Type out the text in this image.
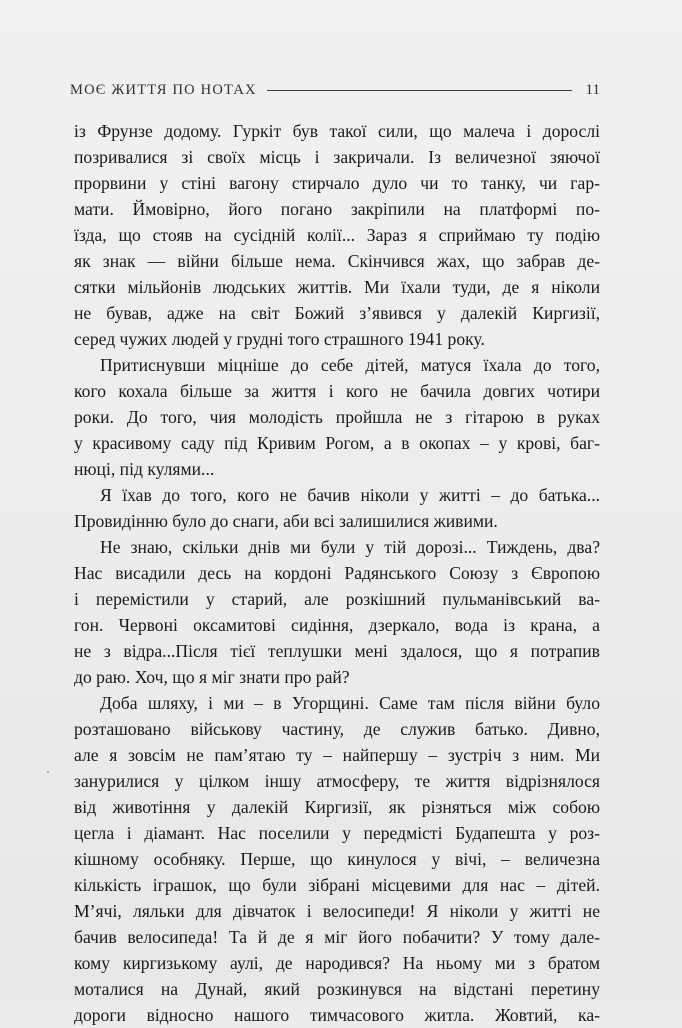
МОЄ ЖИТТЯ ПО НОТАХ	11
із Фрунзе додому. Гуркіт був такої сили, що малеча і дорослі
позривалися зі своїх місць і закричали. Із величезної зяючої
прорвини у стіні вагону стирчало дуло чи то танку, чи гар-
мати. Ймовірно, його погано закріпили на платформі по-
їзда, що стояв на сусідній колії... Зараз я сприймаю ту подію
як знак — війни більше нема. Скінчився жах, що забрав де-
сятки мільйонів людських життів. Ми їхали туди, де я ніколи
не бував, адже на світ Божий з’явився у далекій Киргизії,
серед чужих людей у грудні того страшного 1941 року.
Притиснувши міцніше до себе дітей, матуся їхала до того,
кого кохала більше за життя і кого не бачила довгих чотири
роки. До того, чия молодість пройшла не з гітарою в руках
у красивому саду під Кривим Рогом, а в окопах – у крові, баг-
нюці, під кулями...
Я їхав до того, кого не бачив ніколи у житті – до батька...
Провидінню було до снаги, аби всі залишилися живими.
Не знаю, скільки днів ми були у тій дорозі... Тиждень, два?
Нас висадили десь на кордоні Радянського Союзу з Європою
і перемістили у старий, але розкішний пульманівський ва-
гон. Червоні оксамитові сидіння, дзеркало, вода із крана, а
не з відра...Після тієї теплушки мені здалося, що я потрапив
до раю. Хоч, що я міг знати про рай?
Доба шляху, і ми – в Угорщині. Саме там після війни було
розташовано військову частину, де служив батько. Дивно,
але я зовсім не пам’ятаю ту – найпершу – зустріч з ним. Ми
занурилися у цілком іншу атмосферу, те життя відрізнялося
від животіння у далекій Киргизії, як різняться між собою
цегла і діамант. Нас поселили у передмісті Будапешта у роз-
кішному особняку. Перше, що кинулося у вічі, – величезна
кількість іграшок, що були зібрані місцевими для нас – дітей.
М’ячі, ляльки для дівчаток і велосипеди! Я ніколи у житті не
бачив велосипеда! Та й де я міг його побачити? У тому дале-
кому киргизькому аулі, де народився? На ньому ми з братом
моталися на Дунай, який розкинувся на відстані перетину
дороги відносно нашого тимчасового житла. Жовтий, ка-
